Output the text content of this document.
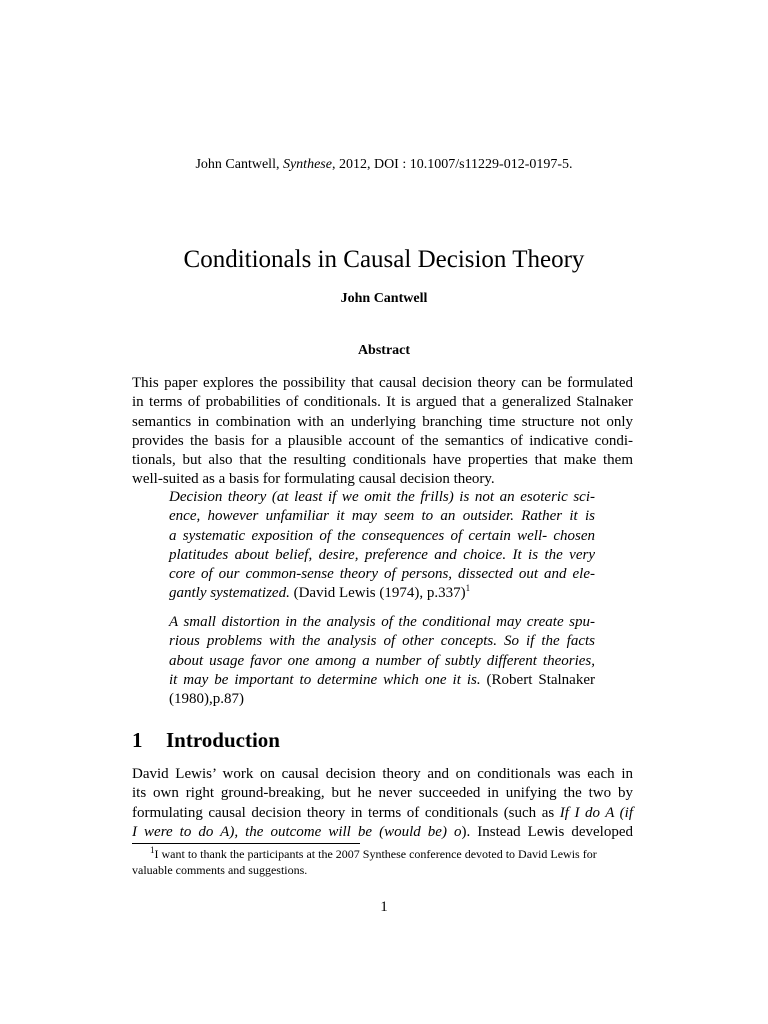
John Cantwell, Synthese, 2012, DOI : 10.1007/s11229-012-0197-5.
Conditionals in Causal Decision Theory
John Cantwell
Abstract
This paper explores the possibility that causal decision theory can be formulated
in terms of probabilities of conditionals. It is argued that a generalized Stalnaker
semantics in combination with an underlying branching time structure not only
provides the basis for a plausible account of the semantics of indicative condi-
tionals, but also that the resulting conditionals have properties that make them
well-suited as a basis for formulating causal decision theory.
Decision theory (at least if we omit the frills) is not an esoteric sci-
ence, however unfamiliar it may seem to an outsider. Rather it is
a systematic exposition of the consequences of certain well- chosen
platitudes about belief, desire, preference and choice. It is the very
core of our common-sense theory of persons, dissected out and ele-
gantly systematized. (David Lewis (1974), p.337)$^1$
A small distortion in the analysis of the conditional may create spu-
rious problems with the analysis of other concepts. So if the facts
about usage favor one among a number of subtly different theories,
it may be important to determine which one it is. (Robert Stalnaker
(1980),p.87)
1 Introduction
David Lewis’ work on causal decision theory and on conditionals was each in
its own right ground-breaking, but he never succeeded in unifying the two by
formulating causal decision theory in terms of conditionals (such as If I do A (if
I were to do A), the outcome will be (would be) o). Instead Lewis developed
$^1$I want to thank the participants at the 2007 Synthese conference devoted to David Lewis for
valuable comments and suggestions.
1
